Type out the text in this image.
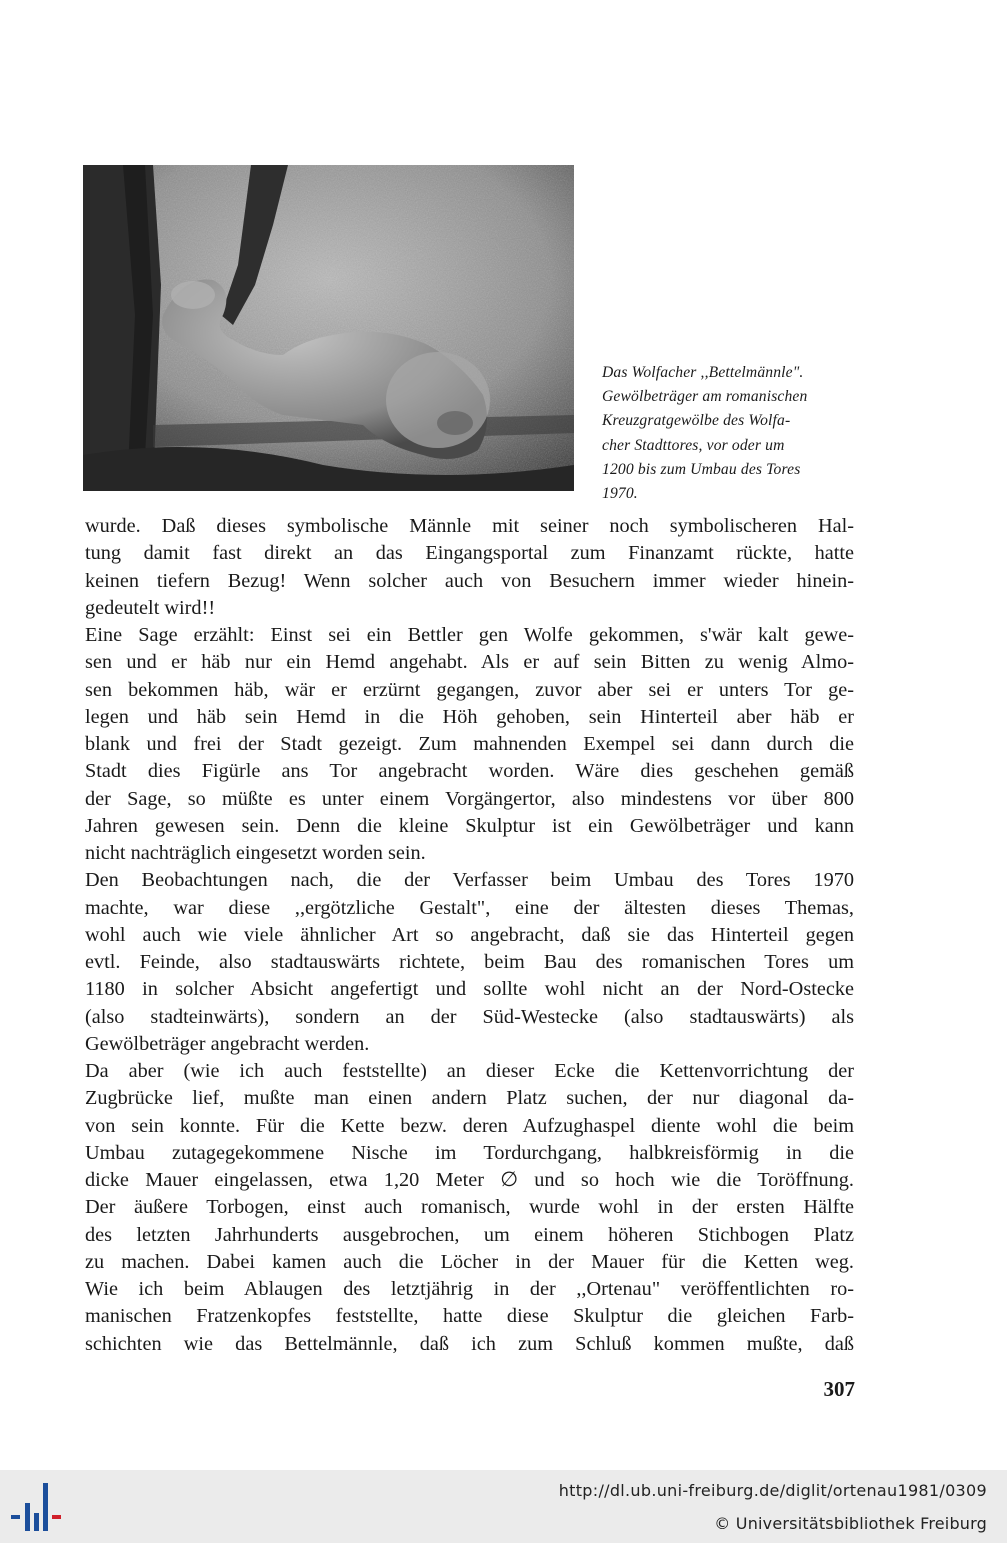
Das Wolfacher ,,Bettelmännle".
Gewölbeträger am romanischen
Kreuzgratgewölbe des Wolfa-
cher Stadttores, vor oder um
1200 bis zum Umbau des Tores
1970.
wurde. Daß dieses symbolische Männle mit seiner noch symbolischeren Hal-
tung damit fast direkt an das Eingangsportal zum Finanzamt rückte, hatte
keinen tiefern Bezug! Wenn solcher auch von Besuchern immer wieder hinein-
gedeutelt wird!!
Eine Sage erzählt: Einst sei ein Bettler gen Wolfe gekommen, s'wär kalt gewe-
sen und er häb nur ein Hemd angehabt. Als er auf sein Bitten zu wenig Almo-
sen bekommen häb, wär er erzürnt gegangen, zuvor aber sei er unters Tor ge-
legen und häb sein Hemd in die Höh gehoben, sein Hinterteil aber häb er
blank und frei der Stadt gezeigt. Zum mahnenden Exempel sei dann durch die
Stadt dies Figürle ans Tor angebracht worden. Wäre dies geschehen gemäß
der Sage, so müßte es unter einem Vorgängertor, also mindestens vor über 800
Jahren gewesen sein. Denn die kleine Skulptur ist ein Gewölbeträger und kann
nicht nachträglich eingesetzt worden sein.
Den Beobachtungen nach, die der Verfasser beim Umbau des Tores 1970
machte, war diese ,,ergötzliche Gestalt", eine der ältesten dieses Themas,
wohl auch wie viele ähnlicher Art so angebracht, daß sie das Hinterteil gegen
evtl. Feinde, also stadtauswärts richtete, beim Bau des romanischen Tores um
1180 in solcher Absicht angefertigt und sollte wohl nicht an der Nord-Ostecke
(also stadteinwärts), sondern an der Süd-Westecke (also stadtauswärts) als
Gewölbeträger angebracht werden.
Da aber (wie ich auch feststellte) an dieser Ecke die Kettenvorrichtung der
Zugbrücke lief, mußte man einen andern Platz suchen, der nur diagonal da-
von sein konnte. Für die Kette bezw. deren Aufzughaspel diente wohl die beim
Umbau zutagegekommene Nische im Tordurchgang, halbkreisförmig in die
dicke Mauer eingelassen, etwa 1,20 Meter ∅ und so hoch wie die Toröffnung.
Der äußere Torbogen, einst auch romanisch, wurde wohl in der ersten Hälfte
des letzten Jahrhunderts ausgebrochen, um einem höheren Stichbogen Platz
zu machen. Dabei kamen auch die Löcher in der Mauer für die Ketten weg.
Wie ich beim Ablaugen des letztjährig in der ,,Ortenau" veröffentlichten ro-
manischen Fratzenkopfes feststellte, hatte diese Skulptur die gleichen Farb-
schichten wie das Bettelmännle, daß ich zum Schluß kommen mußte, daß
307
http://dl.ub.uni-freiburg.de/diglit/ortenau1981/0309
© Universitätsbibliothek Freiburg
